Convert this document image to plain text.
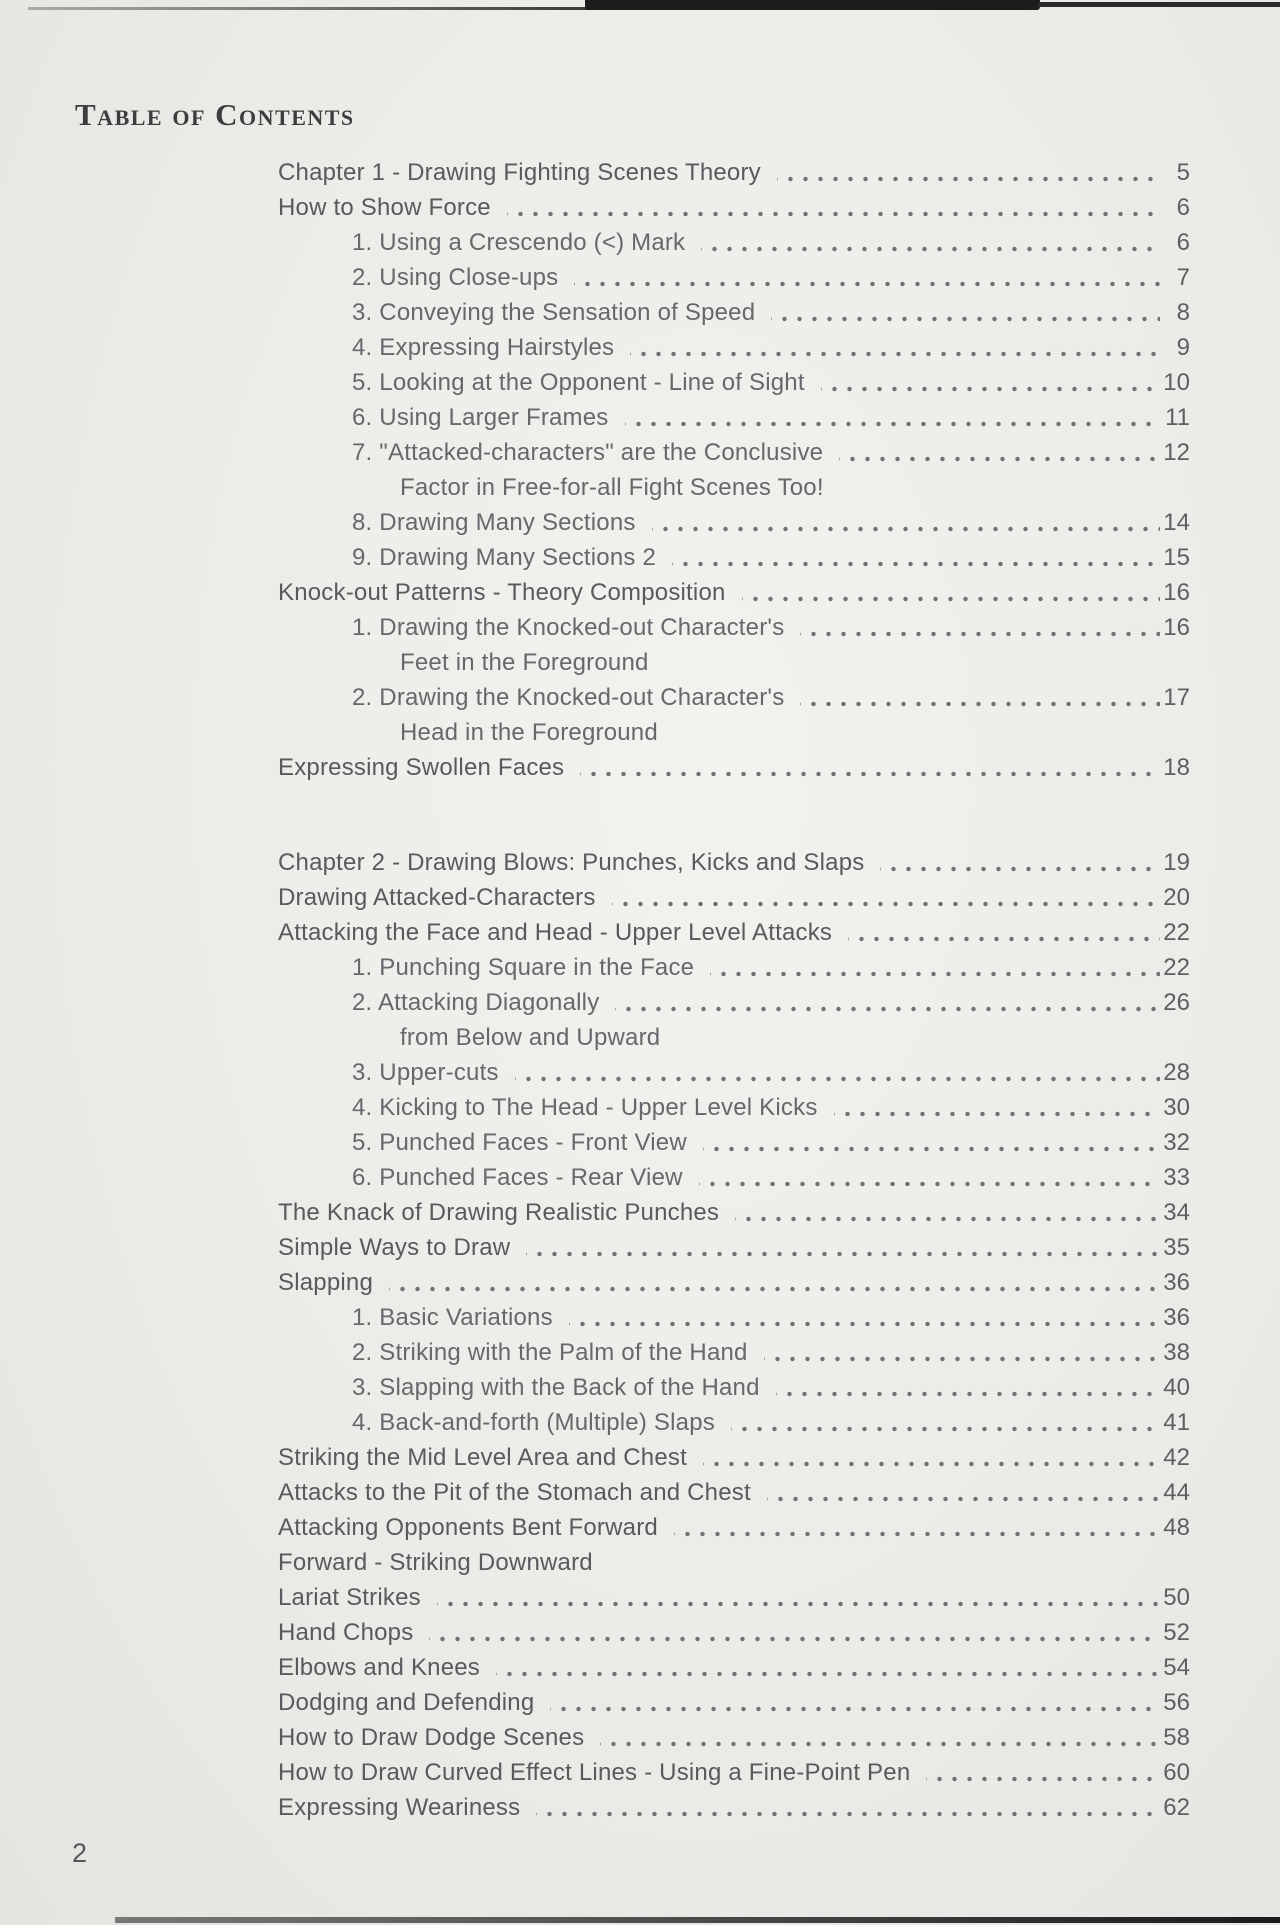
Table of Contents
Chapter 1 - Drawing Fighting Scenes Theory	5
How to Show Force	6
1. Using a Crescendo (<) Mark	6
2. Using Close-ups	7
3. Conveying the Sensation of Speed	8
4. Expressing Hairstyles	9
5. Looking at the Opponent - Line of Sight	10
6. Using Larger Frames	11
7. "Attacked-characters" are the Conclusive	12
Factor in Free-for-all Fight Scenes Too!
8. Drawing Many Sections	14
9. Drawing Many Sections 2	15
Knock-out Patterns - Theory Composition	16
1. Drawing the Knocked-out Character's	16
Feet in the Foreground
2. Drawing the Knocked-out Character's	17
Head in the Foreground
Expressing Swollen Faces	18
Chapter 2 - Drawing Blows: Punches, Kicks and Slaps	19
Drawing Attacked-Characters	20
Attacking the Face and Head - Upper Level Attacks	22
1. Punching Square in the Face	22
2. Attacking Diagonally	26
from Below and Upward
3. Upper-cuts	28
4. Kicking to The Head - Upper Level Kicks	30
5. Punched Faces - Front View	32
6. Punched Faces - Rear View	33
The Knack of Drawing Realistic Punches	34
Simple Ways to Draw	35
Slapping	36
1. Basic Variations	36
2. Striking with the Palm of the Hand	38
3. Slapping with the Back of the Hand	40
4. Back-and-forth (Multiple) Slaps	41
Striking the Mid Level Area and Chest	42
Attacks to the Pit of the Stomach and Chest	44
Attacking Opponents Bent Forward	48
Forward - Striking Downward
Lariat Strikes	50
Hand Chops	52
Elbows and Knees	54
Dodging and Defending	56
How to Draw Dodge Scenes	58
How to Draw Curved Effect Lines - Using a Fine-Point Pen	60
Expressing Weariness	62
2
